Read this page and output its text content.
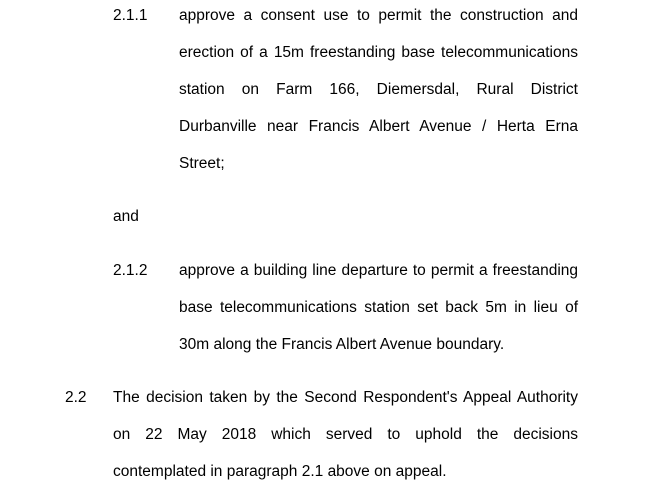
2.1.1 approve a consent use to permit the construction and erection of a 15m freestanding base telecommunications station on Farm 166, Diemersdal, Rural District Durbanville near Francis Albert Avenue / Herta Erna Street;

and
2.1.2 approve a building line departure to permit a freestanding base telecommunications station set back 5m in lieu of 30m along the Francis Albert Avenue boundary.

2.2 The decision taken by the Second Respondent's Appeal Authority on 22 May 2018 which served to uphold the decisions contemplated in paragraph 2.1 above on appeal.
